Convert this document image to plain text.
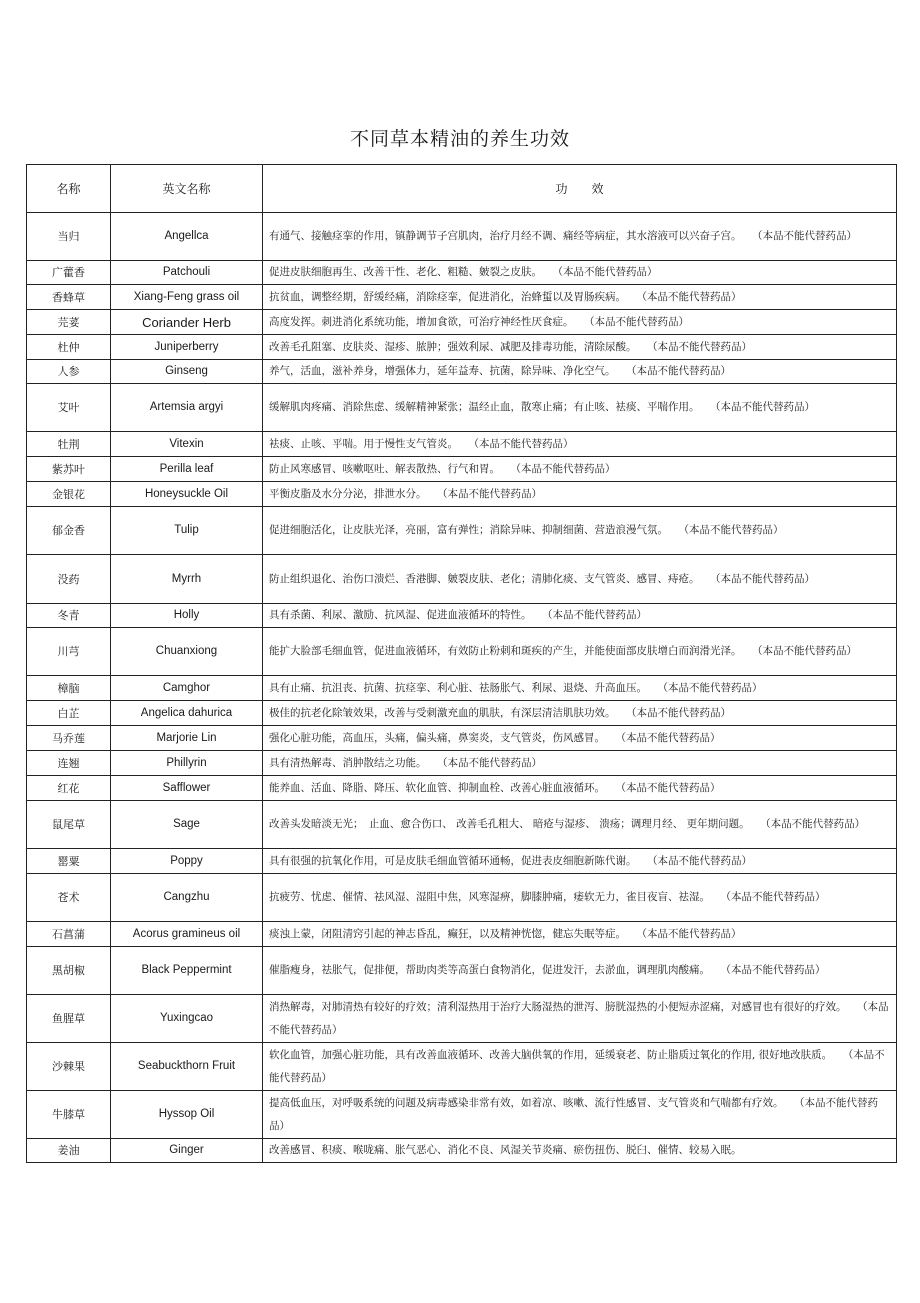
不同草本精油的养生功效
名称	英文名称	功　　效
当归	Angellca	有通气、接触痉挛的作用，镇静调节子宫肌肉，治疗月经不调、痛经等病症，其水溶液可以兴奋子宫。　　 （本品不能代替药品）
广藿香	Patchouli	促进皮肤细胞再生、改善干性、老化、粗糙、皴裂之皮肤。　　 （本品不能代替药品）
香蜂草	Xiang-Feng grass oil	抗贫血，调整经期，舒缓经痛，消除痉挛，促进消化，治蜂蜇以及胃肠疾病。　　 （本品不能代替药品）
芫荽	Coriander Herb	高度发挥。刺进消化系统功能，增加食欲，可治疗神经性厌食症。　　 （本品不能代替药品）
杜仲	Juniperberry	改善毛孔阻塞、皮肤炎、湿疹、脓肿；强效利尿、减肥及排毒功能，清除尿酸。　　 （本品不能代替药品）
人参	Ginseng	养气，活血，滋补养身，增强体力，延年益寿、抗菌，除异味、净化空气。　　 （本品不能代替药品）
艾叶	Artemsia argyi	缓解肌肉疼痛、消除焦虑、缓解精神紧张；温经止血，散寒止痛；有止咳、袪痰、平喘作用。　　 （本品不能代替药品）
牡荆	Vitexin	袪痰、止咳、平喘。用于慢性支气管炎。　　 （本品不能代替药品）
紫苏叶	Perilla leaf	防止风寒感冒、咳嗽呕吐、解表散热、行气和胃。　　 （本品不能代替药品）
金银花	Honeysuckle Oil	平衡皮脂及水分分泌，排泄水分。　　 （本品不能代替药品）
郁金香	Tulip	促进细胞活化，让皮肤光泽，亮丽，富有弹性；消除异味、抑制细菌、营造浪漫气氛。　　 （本品不能代替药品）
没药	Myrrh	防止组织退化、治伤口溃烂、香港脚、皴裂皮肤、老化；清肺化痰、支气管炎、感冒、痔疮。　　 （本品不能代替药品）
冬青	Holly	具有杀菌、利尿、激励、抗风湿、促进血液循环的特性。　　 （本品不能代替药品）
川芎	Chuanxiong	能扩大脸部毛细血管，促进血液循环，有效防止粉刺和斑疾的产生，并能使面部皮肤增白而润滑光泽。　　 （本品不能代替药品）
樟脑	Camghor	具有止痛、抗沮丧、抗菌、抗痉挛、利心脏、祛肠胀气、利尿、退烧、升高血压。　　 （本品不能代替药品）
白芷	Angelica dahurica	极佳的抗老化除皱效果，改善与受刺激充血的肌肤，有深层清洁肌肤功效。　　 （本品不能代替药品）
马乔莲	Marjorie Lin	强化心脏功能，高血压，头痛，偏头痛，鼻窦炎，支气管炎，伤风感冒。　　 （本品不能代替药品）
连翘	Phillyrin	具有清热解毒、消肿散结之功能。　　 （本品不能代替药品）
红花	Safflower	能养血、活血、降脂、降压、软化血管、抑制血栓、改善心脏血液循环。　　 （本品不能代替药品）
鼠尾草	Sage	改善头发暗淡无光；　止血、愈合伤口、 改善毛孔粗大、 暗疮与湿疹、 溃疡；调理月经、 更年期问题。　　 （本品不能代替药品）
罂粟	Poppy	具有很强的抗氧化作用，可是皮肤毛细血管循环通畅，促进表皮细胞新陈代谢。　　 （本品不能代替药品）
苍术	Cangzhu	抗疲劳、忧虑、催情、祛风湿、湿阻中焦，风寒湿痹，脚膝肿痛，痿软无力，雀目夜盲、祛湿。　　 （本品不能代替药品）
石菖蒲	Acorus gramineus oil	痰浊上蒙，闭阻清窍引起的神志昏乱，癫狂，以及精神恍惚，健忘失眠等症。　　 （本品不能代替药品）
黑胡椒	Black Peppermint	催脂瘦身，祛胀气，促排便，帮助肉类等高蛋白食物消化，促进发汗，去淤血，调理肌肉酸痛。　　 （本品不能代替药品）
鱼腥草	Yuxingcao	消热解毒，对肺清热有较好的疗效；清利湿热用于治疗大肠湿热的泄泻、膀胱湿热的小便短赤涩痛，对感冒也有很好的疗效。　　 （本品不能代替药品）
沙棘果	Seabuckthorn Fruit	软化血管，加强心脏功能，具有改善血液循环、改善大脑供氧的作用，延缓衰老、防止脂质过氧化的作用, 很好地改肤质。　　 （本品不能代替药品）
牛膝草	Hyssop Oil	提高低血压，对呼吸系统的问题及病毒感染非常有效，如着凉、咳嗽、流行性感冒、支气管炎和气喘都有疗效。　　 （本品不能代替药品）
姜油	Ginger	改善感冒、积痰、喉咙痛、胀气恶心、消化不良、风湿关节炎痛、瘀伤扭伤、脱臼、催情、较易入眠。
